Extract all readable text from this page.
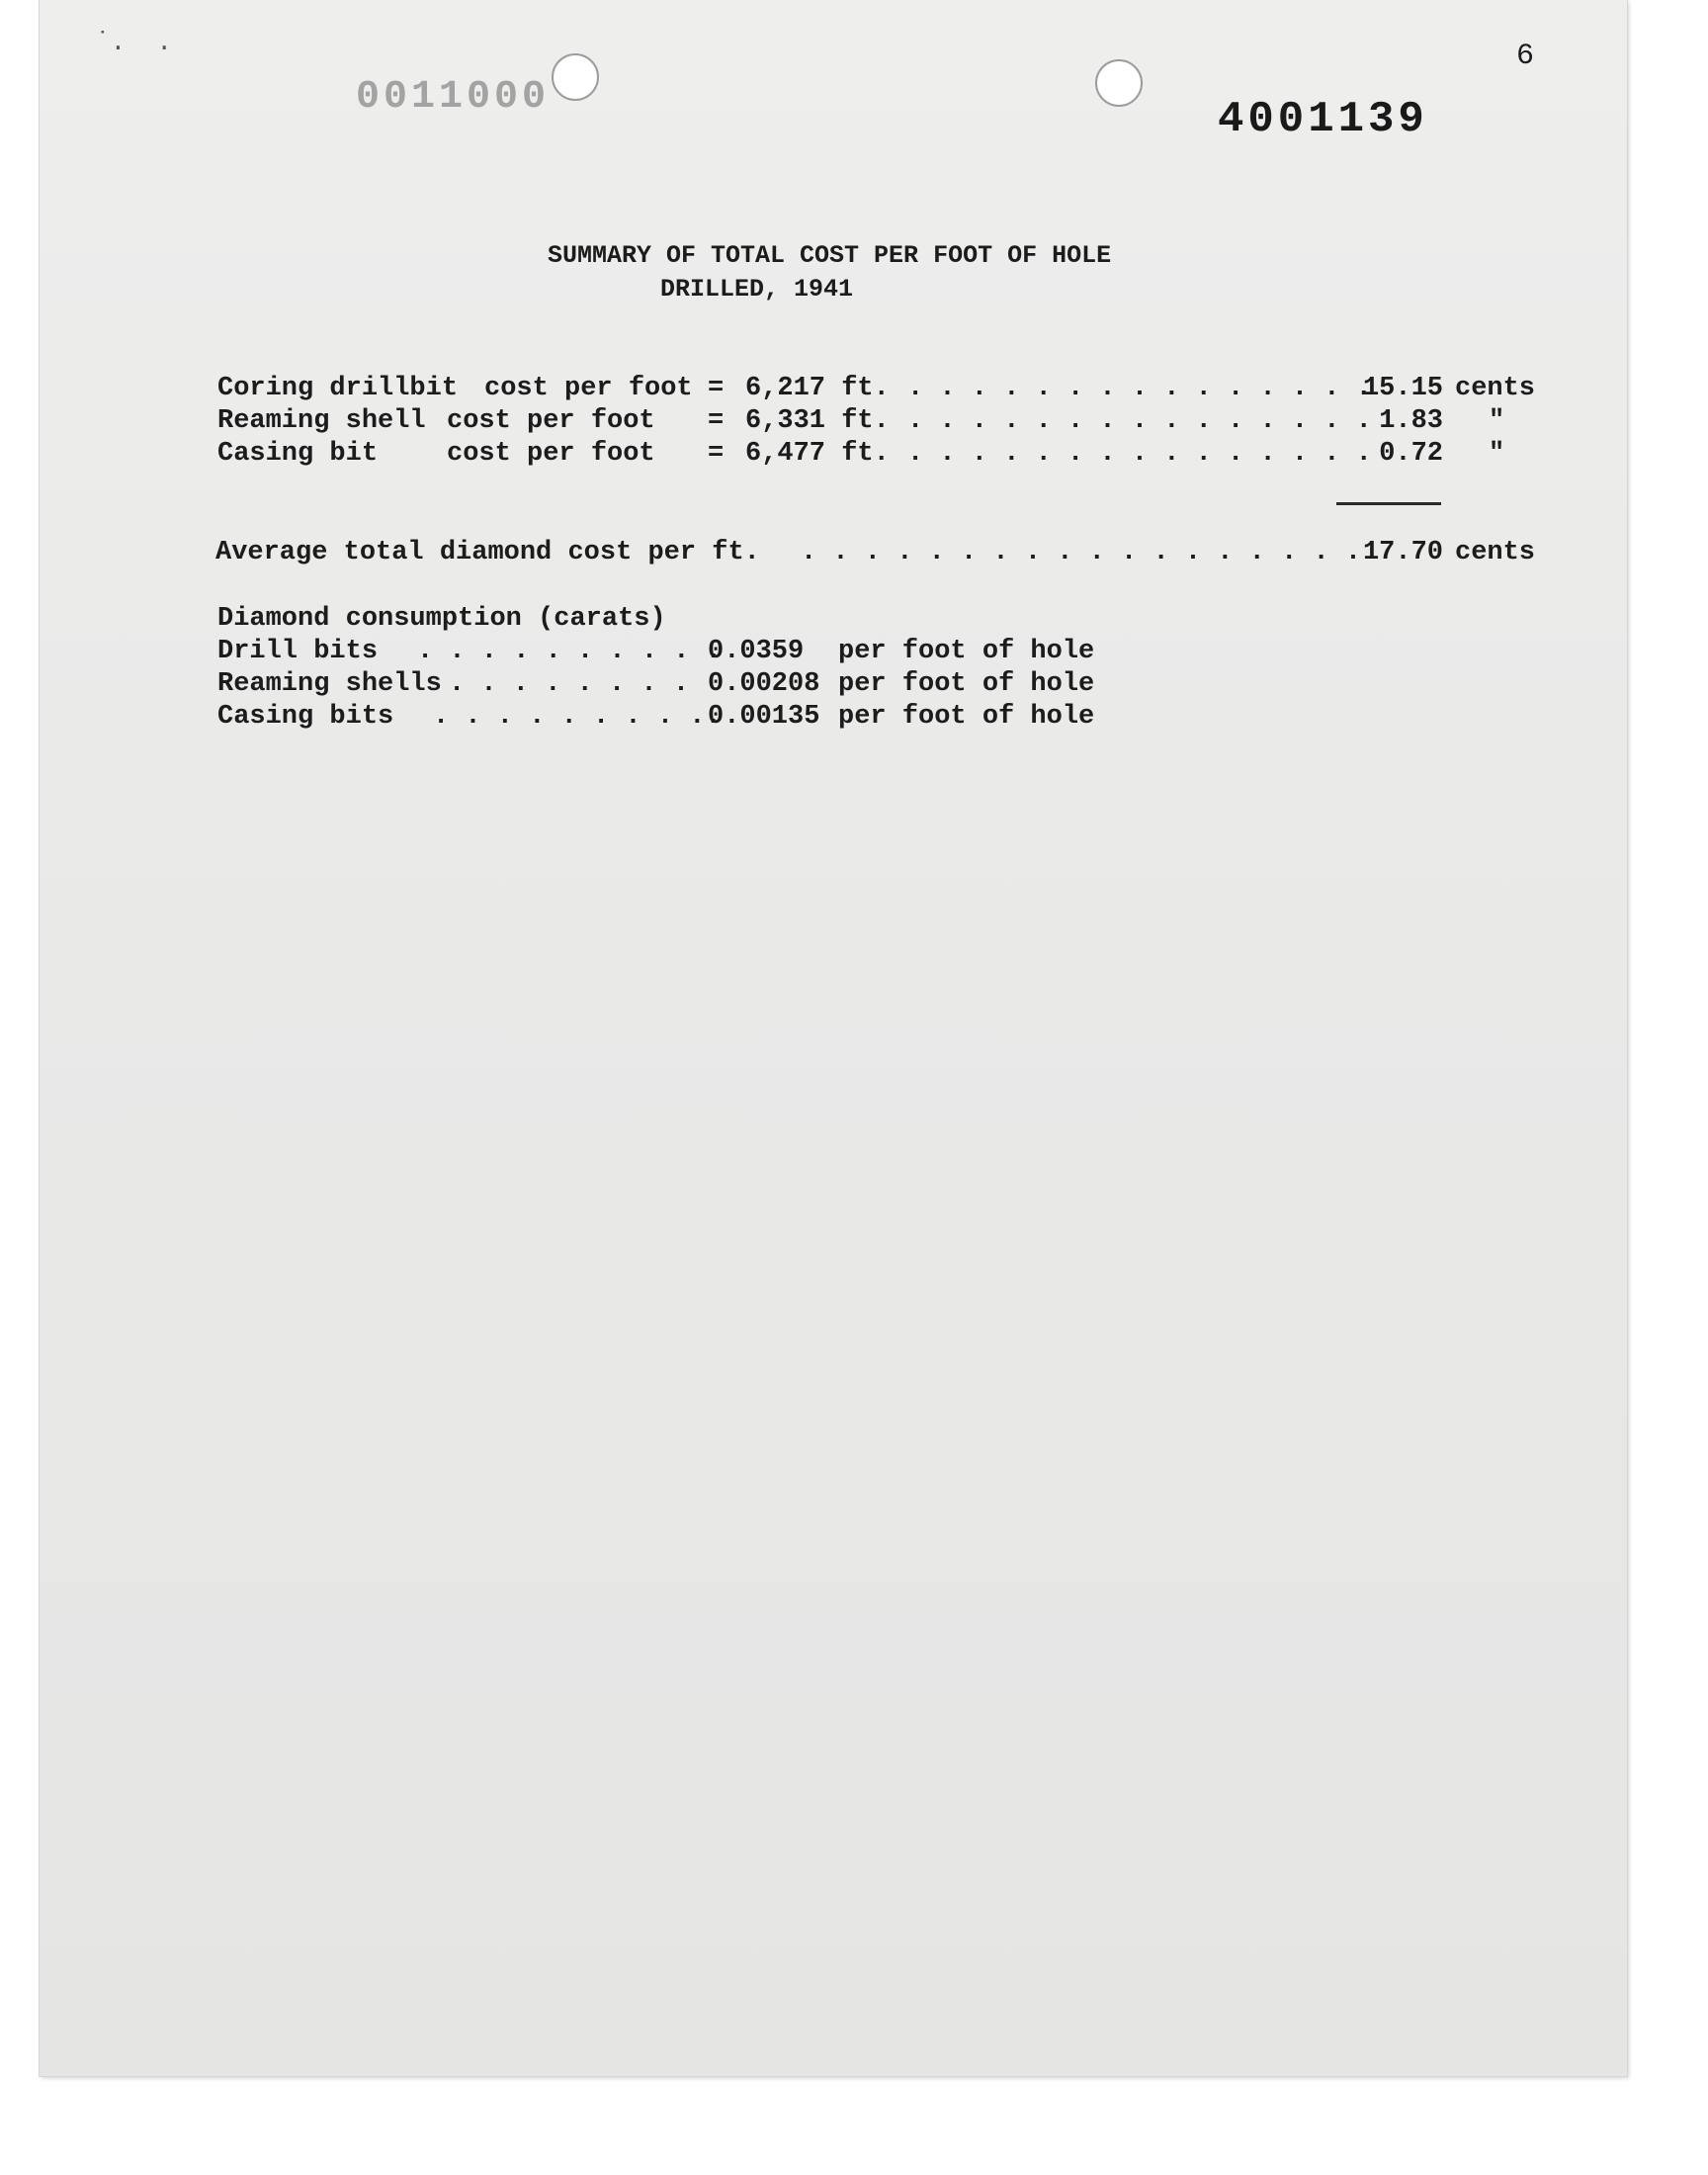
˙.  .
0011000	4001139
6
SUMMARY OF TOTAL COST PER FOOT OF HOLE
DRILLED, 1941
Coring drillbit cost per foot = 6,217 ft. . . . . . . . . . . . . . . .
15.15 cents
Reaming shell cost per foot = 6,331 ft. . . . . . . . . . . . . . . . 1.83 "
Casing bit	cost per foot = 6,477 ft. . . . . . . . . . . . . . . . 0.72 "
Average total diamond cost per ft. . . . . . . . . . . . . . . . . . . 17.70 cents
Diamond consumption (carats)
Drill bits . . . . . . . . . .
0.0359 per foot of hole
Reaming shells . . . . . . . . 0.00208 per foot of hole
Casing bits . . . . . . . . ..
0.00135 per foot of hole
